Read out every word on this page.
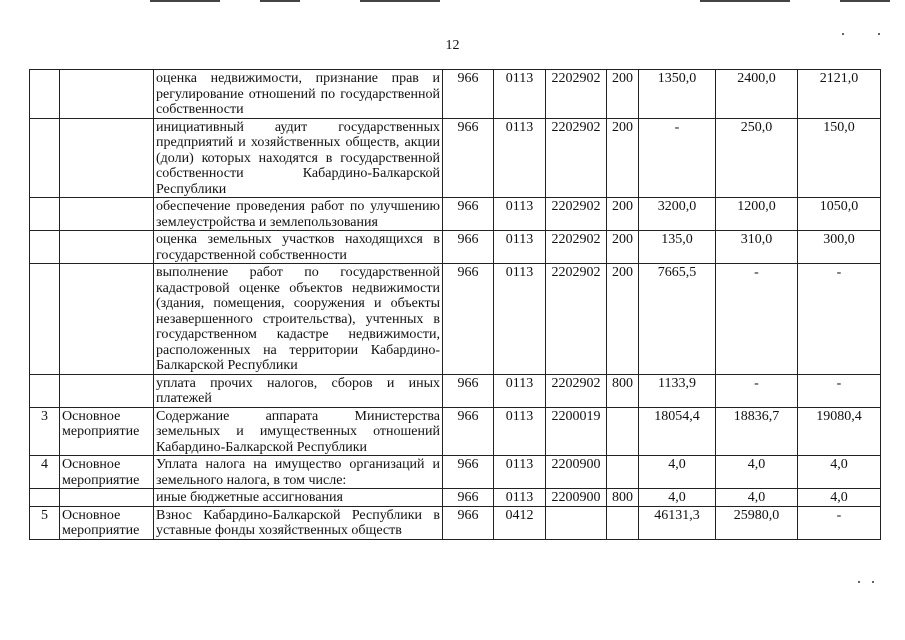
12
		оценка недвижимости, признание прав и регулирование отношений по государственной собственности	966	0113	2202902	200	1350,0	2400,0	2121,0
		инициативный аудит государственных предприятий и хозяйственных обществ, акции (доли) которых находятся в государственной собственности Кабардино-Балкарской Республики	966	0113	2202902	200	-	250,0	150,0
		обеспечение проведения работ по улучшению землеустройства и землепользования	966	0113	2202902	200	3200,0	1200,0	1050,0
		оценка земельных участков находящихся в государственной собственности	966	0113	2202902	200	135,0	310,0	300,0
		выполнение работ по государственной кадастровой оценке объектов недвижимости (здания, помещения, сооружения и объекты незавершенного строительства), учтенных в государственном кадастре недвижимости, расположенных на территории Кабардино-Балкарской Республики	966	0113	2202902	200	7665,5	-	-
		уплата прочих налогов, сборов и иных платежей	966	0113	2202902	800	1133,9	-	-
3	Основное мероприятие	Содержание аппарата Министерства земельных и имущественных отношений Кабардино-Балкарской Республики	966	0113	2200019		18054,4	18836,7	19080,4
4	Основное мероприятие	Уплата налога на имущество организаций и земельного налога, в том числе:	966	0113	2200900		4,0	4,0	4,0
		иные бюджетные ассигнования	966	0113	2200900	800	4,0	4,0	4,0
5	Основное мероприятие	Взнос Кабардино-Балкарской Республики в уставные фонды хозяйственных обществ	966	0412			46131,3	25980,0	-
